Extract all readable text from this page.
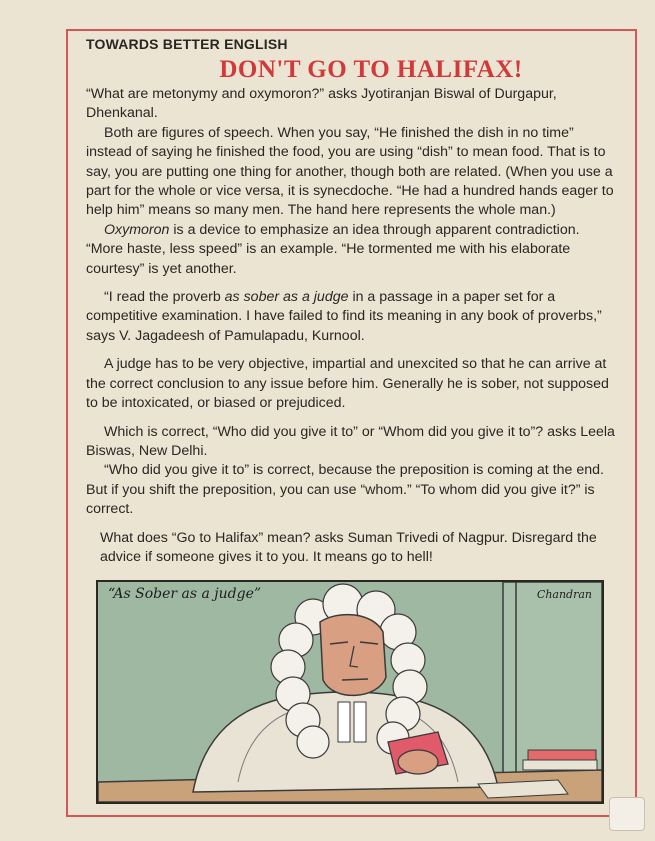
TOWARDS BETTER ENGLISH

DON'T GO TO HALIFAX!

“What are metonymy and oxymoron?” asks Jyotiranjan Biswal of Durgapur, Dhenkanal.

Both are figures of speech. When you say, “He finished the dish in no time” instead of saying he finished the food, you are using “dish” to mean food. That is to say, you are putting one thing for another, though both are related. (When you use a part for the whole or vice versa, it is synecdoche. “He had a hundred hands eager to help him” means so many men. The hand here represents the whole man.)

Oxymoron is a device to emphasize an idea through apparent contradiction. “More haste, less speed” is an example. “He tormented me with his elaborate courtesy” is yet another.

“I read the proverb as sober as a judge in a passage in a paper set for a competitive examination. I have failed to find its meaning in any book of proverbs,” says V. Jagadeesh of Pamulapadu, Kurnool.

A judge has to be very objective, impartial and unexcited so that he can arrive at the correct conclusion to any issue before him. Generally he is sober, not supposed to be intoxicated, or biased or prejudiced.

Which is correct, “Who did you give it to” or “Whom did you give it to”? asks Leela Biswas, New Delhi.

“Who did you give it to” is correct, because the preposition is coming at the end. But if you shift the preposition, you can use “whom.” “To whom did you give it?” is correct.

What does “Go to Halifax” mean? asks Suman Trivedi of Nagpur. Disregard the advice if someone gives it to you. It means go to hell!

“As Sober as a judge”	Chandran
